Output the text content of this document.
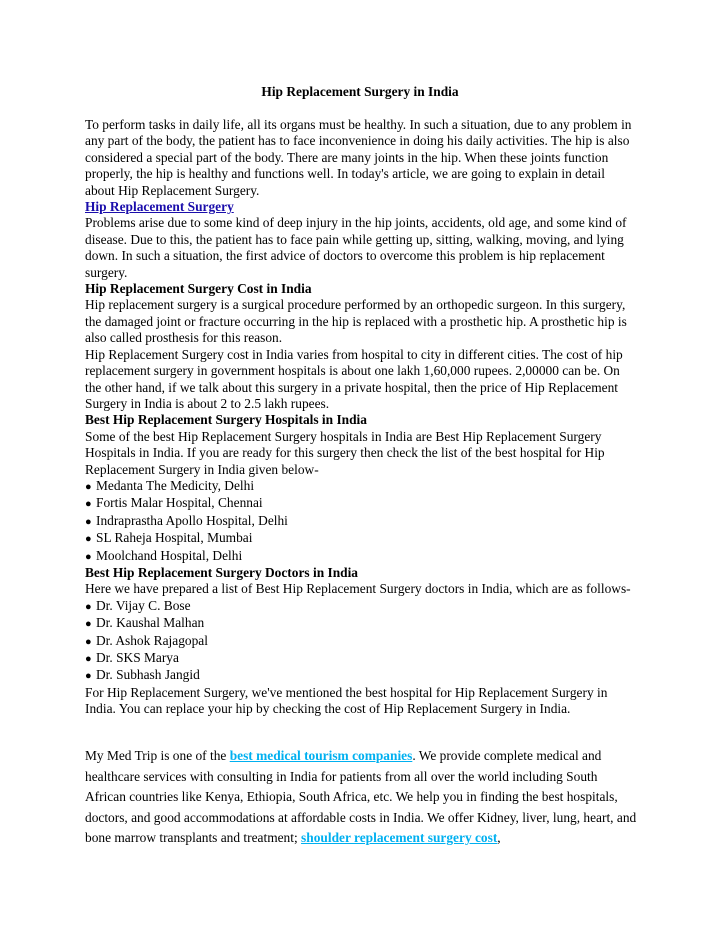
Hip Replacement Surgery in India

To perform tasks in daily life, all its organs must be healthy. In such a situation, due to any problem in any part of the body, the patient has to face inconvenience in doing his daily activities. The hip is also considered a special part of the body. There are many joints in the hip. When these joints function properly, the hip is healthy and functions well. In today's article, we are going to explain in detail about Hip Replacement Surgery.

Hip Replacement Surgery

Problems arise due to some kind of deep injury in the hip joints, accidents, old age, and some kind of disease. Due to this, the patient has to face pain while getting up, sitting, walking, moving, and lying down. In such a situation, the first advice of doctors to overcome this problem is hip replacement surgery.

Hip Replacement Surgery Cost in India

Hip replacement surgery is a surgical procedure performed by an orthopedic surgeon. In this surgery, the damaged joint or fracture occurring in the hip is replaced with a prosthetic hip. A prosthetic hip is also called prosthesis for this reason.

Hip Replacement Surgery cost in India varies from hospital to city in different cities. The cost of hip replacement surgery in government hospitals is about one lakh 1,60,000 rupees. 2,00000 can be. On the other hand, if we talk about this surgery in a private hospital, then the price of Hip Replacement Surgery in India is about 2 to 2.5 lakh rupees.

Best Hip Replacement Surgery Hospitals in India

Some of the best Hip Replacement Surgery hospitals in India are Best Hip Replacement Surgery Hospitals in India. If you are ready for this surgery then check the list of the best hospital for Hip Replacement Surgery in India given below-

● Medanta The Medicity, Delhi
● Fortis Malar Hospital, Chennai
● Indraprastha Apollo Hospital, Delhi
● SL Raheja Hospital, Mumbai
● Moolchand Hospital, Delhi

Best Hip Replacement Surgery Doctors in India

Here we have prepared a list of Best Hip Replacement Surgery doctors in India, which are as follows-

● Dr. Vijay C. Bose
● Dr. Kaushal Malhan
● Dr. Ashok Rajagopal
● Dr. SKS Marya
● Dr. Subhash Jangid

For Hip Replacement Surgery, we've mentioned the best hospital for Hip Replacement Surgery in India. You can replace your hip by checking the cost of Hip Replacement Surgery in India.

My Med Trip is one of the best medical tourism companies. We provide complete medical and healthcare services with consulting in India for patients from all over the world including South African countries like Kenya, Ethiopia, South Africa, etc. We help you in finding the best hospitals, doctors, and good accommodations at affordable costs in India. We offer Kidney, liver, lung, heart, and bone marrow transplants and treatment; shoulder replacement surgery cost,
